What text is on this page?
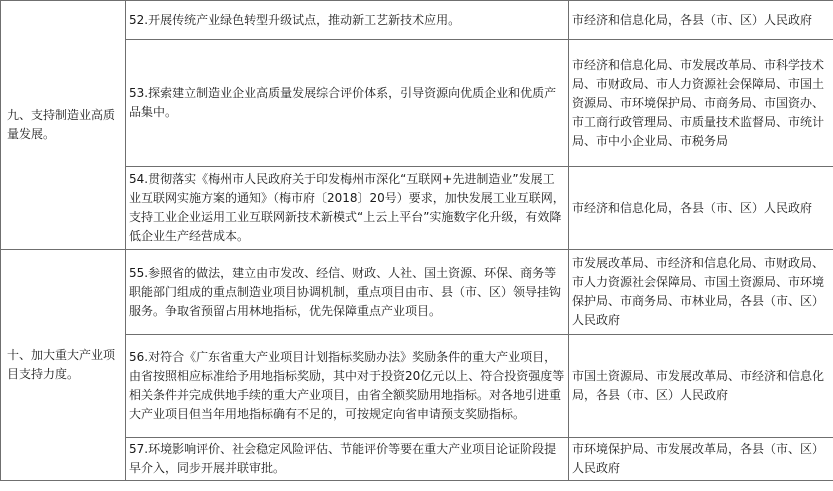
九、支持制造业高质量发展。	52.开展传统产业绿色转型升级试点，推动新工艺新技术应用。	市经济和信息化局，各县（市、区）人民政府
	53.探索建立制造业企业高质量发展综合评价体系，引导资源向优质企业和优质产品集中。	市经济和信息化局、市发展改革局、市科学技术局、市财政局、市人力资源社会保障局、市国土资源局、市环境保护局、市商务局、市国资办、市工商行政管理局、市质量技术监督局、市统计局、市中小企业局、市税务局
	54.贯彻落实《梅州市人民政府关于印发梅州市深化“互联网+先进制造业”发展工业互联网实施方案的通知》（梅市府〔2018〕20号）要求，加快发展工业互联网，支持工业企业运用工业互联网新技术新模式“上云上平台”实施数字化升级，有效降低企业生产经营成本。	市经济和信息化局，各县（市、区）人民政府
十、加大重大产业项目支持力度。	55.参照省的做法，建立由市发改、经信、财政、人社、国土资源、环保、商务等职能部门组成的重点制造业项目协调机制，重点项目由市、县（市、区）领导挂钩服务。争取省预留占用林地指标，优先保障重点产业项目。	市发展改革局、市经济和信息化局、市财政局、市人力资源社会保障局、市国土资源局、市环境保护局、市商务局、市林业局，各县（市、区）人民政府
	56.对符合《广东省重大产业项目计划指标奖励办法》奖励条件的重大产业项目，由省按照相应标准给予用地指标奖励，其中对于投资20亿元以上、符合投资强度等相关条件并完成供地手续的重大产业项目，由省全额奖励用地指标。对各地引进重大产业项目但当年用地指标确有不足的，可按规定向省申请预支奖励指标。	市国土资源局、市发展改革局、市经济和信息化局，各县（市、区）人民政府
	57.环境影响评价、社会稳定风险评估、节能评价等要在重大产业项目论证阶段提早介入，同步开展并联审批。	市环境保护局、市发展改革局，各县（市、区）人民政府
